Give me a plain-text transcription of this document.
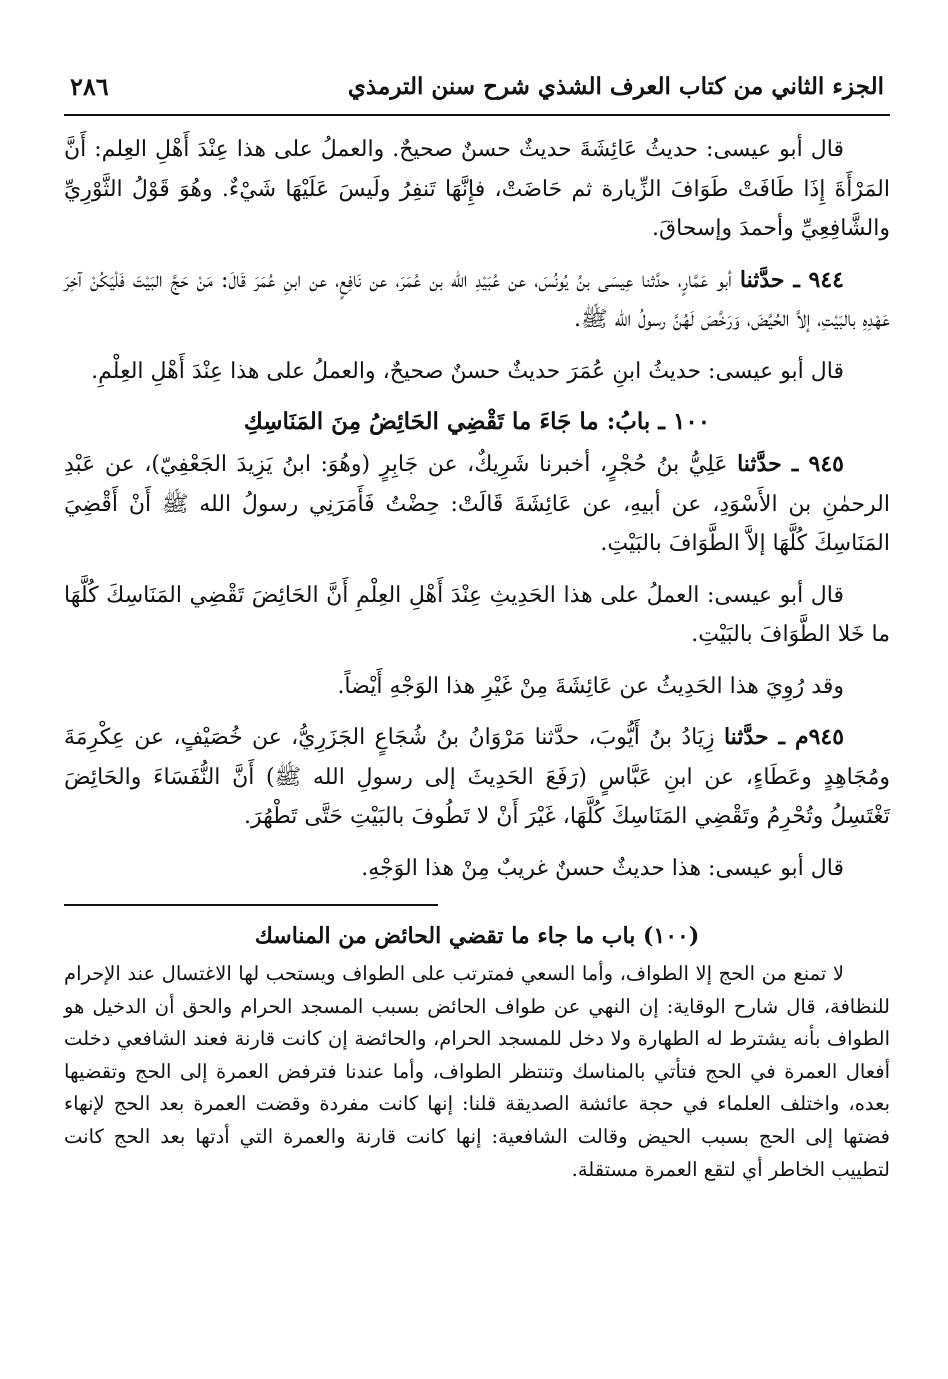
الجزء الثاني من كتاب العرف الشذي شرح سنن الترمذي
٢٨٦

قال أبو عيسى: حديثُ عَائِشَةَ حديثٌ حسنٌ صحيحٌ. والعملُ على هذا عِنْدَ أَهْلِ العِلم: أَنَّ المَرْأَةَ إِذَا طَافَتْ طَوَافَ الزِّيارة ثم حَاضَتْ، فإِنَّهَا تَنفِرُ ولَيسَ عَلَيْهَا شَيْءٌ. وهُوَ قَوْلُ الثَّوْرِيِّ والشَّافِعِيِّ وأحمدَ وإسحاقَ.

٩٤٤ ـ حدَّثنا أبو عَمَّارٍ، حدَّثنا عِيسَى بنُ يُونُسَ، عن عُبَيْدِ الله بن عُمَرَ، عن نَافِعٍ، عن ابنِ عُمَرَ قَالَ: مَنْ حَجَّ البَيْتَ فَلْيَكُنْ آخِرَ عَهْدِهِ بالبَيْتِ، إلاَّ الحُيَّضَ، وَرَخَّصَ لَهُنَّ رسولُ الله ﷺ.

قال أبو عيسى: حديثُ ابنِ عُمَرَ حديثٌ حسنٌ صحيحٌ، والعملُ على هذا عِنْدَ أَهْلِ العِلْمِ.

١٠٠ ـ بابُ: ما جَاءَ ما تَقْضِي الحَائِضُ مِنَ المَنَاسِكِ

٩٤٥ ـ حدَّثنا عَلِيُّ بنُ حُجْرٍ، أخبرنا شَرِيكٌ، عن جَابِرٍ (وهُوَ: ابنُ يَزِيدَ الجَعْفِيّ)، عن عَبْدِ الرحمٰنِ بن الأَسْوَدِ، عن أبيهِ، عن عَائِشَةَ قَالَتْ: حِضْتُ فَأَمَرَنِي رسولُ الله ﷺ أَنْ أَقْضِيَ المَنَاسِكَ كُلَّهَا إلاَّ الطَّوَافَ بالبَيْتِ.

قال أبو عيسى: العملُ على هذا الحَدِيثِ عِنْدَ أَهْلِ العِلْمِ أَنَّ الحَائِضَ تَقْضِي المَنَاسِكَ كُلَّهَا ما خَلا الطَّوَافَ بالبَيْتِ.

وقد رُوِيَ هذا الحَدِيثُ عن عَائِشَةَ مِنْ غَيْرِ هذا الوَجْهِ أَيْضاً.

٩٤٥م ـ حدَّثنا زِيَادُ بنُ أَيُّوبَ، حدَّثنا مَرْوَانُ بنُ شُجَاعٍ الجَزَرِيُّ، عن خُصَيْفٍ، عن عِكْرِمَةَ ومُجَاهِدٍ وعَطَاءٍ، عن ابنِ عَبَّاسٍ (رَفَعَ الحَدِيثَ إلى رسولِ الله ﷺ) أَنَّ النُّفَسَاءَ والحَائِضَ تَغْتَسِلُ وتُحْرِمُ وتَقْضِي المَنَاسِكَ كُلَّهَا، غَيْرَ أَنْ لا تَطُوفَ بالبَيْتِ حَتَّى تَطْهُرَ.

قال أبو عيسى: هذا حديثٌ حسنٌ غريبٌ مِنْ هذا الوَجْهِ.

(١٠٠) باب ما جاء ما تقضي الحائض من المناسك

لا تمنع من الحج إلا الطواف، وأما السعي فمترتب على الطواف ويستحب لها الاغتسال عند الإحرام للنظافة، قال شارح الوقاية: إن النهي عن طواف الحائض بسبب المسجد الحرام والحق أن الدخيل هو الطواف بأنه يشترط له الطهارة ولا دخل للمسجد الحرام، والحائضة إن كانت قارنة فعند الشافعي دخلت أفعال العمرة في الحج فتأتي بالمناسك وتنتظر الطواف، وأما عندنا فترفض العمرة إلى الحج وتقضيها بعده، واختلف العلماء في حجة عائشة الصديقة قلنا: إنها كانت مفردة وقضت العمرة بعد الحج لإنهاء فضتها إلى الحج بسبب الحيض وقالت الشافعية: إنها كانت قارنة والعمرة التي أدتها بعد الحج كانت لتطييب الخاطر أي لتقع العمرة مستقلة.
